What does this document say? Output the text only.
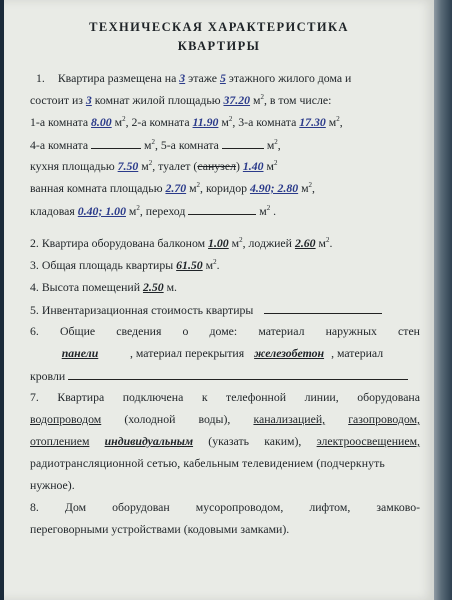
ТЕХНИЧЕСКАЯ ХАРАКТЕРИСТИКА
КВАРТИРЫ
1. Квартира размещена на 3 этаже 5 этажного жилого дома и
состоит из 3 комнат жилой площадью 37.20 $м^2$, в том числе:
1-а комната 8.00 $м^2$, 2-а комната 11.90 $м^2$, 3-а комната 17.30 $м^2$,
4-а комната	$м^2$, 5-а комната	$м^2$,
кухня площадью 7.50 $м^2$, туалет (санузел) 1.40 $м^2$
ванная комната площадью 2.70 $м^2$, коридор 4.90; 2.80 $м^2$,
кладовая 0.40; 1.00 $м^2$, переход	$м^2$ .
2. Квартира оборудована балконом 1.00 $м^2$, лоджией 2.60 $м^2$.
3. Общая площадь квартиры 61.50 $м^2$.
4. Высота помещений 2.50 м.
5. Инвентаризационная стоимость квартиры
6. Общие сведения о доме: материал наружных стен
панели	, материал перекрытия железобетон , материал
кровли
7. Квартира подключена к телефонной линии, оборудована
водопроводом (холодной воды), канализацией, газопроводом,
отоплением индивидуальным (указать каким), электроосвещением,
радиотрансляционной сетью, кабельным телевидением (подчеркнуть
нужное).
8. Дом оборудован мусоропроводом, лифтом, замково-
переговорными устройствами (кодовыми замками).
